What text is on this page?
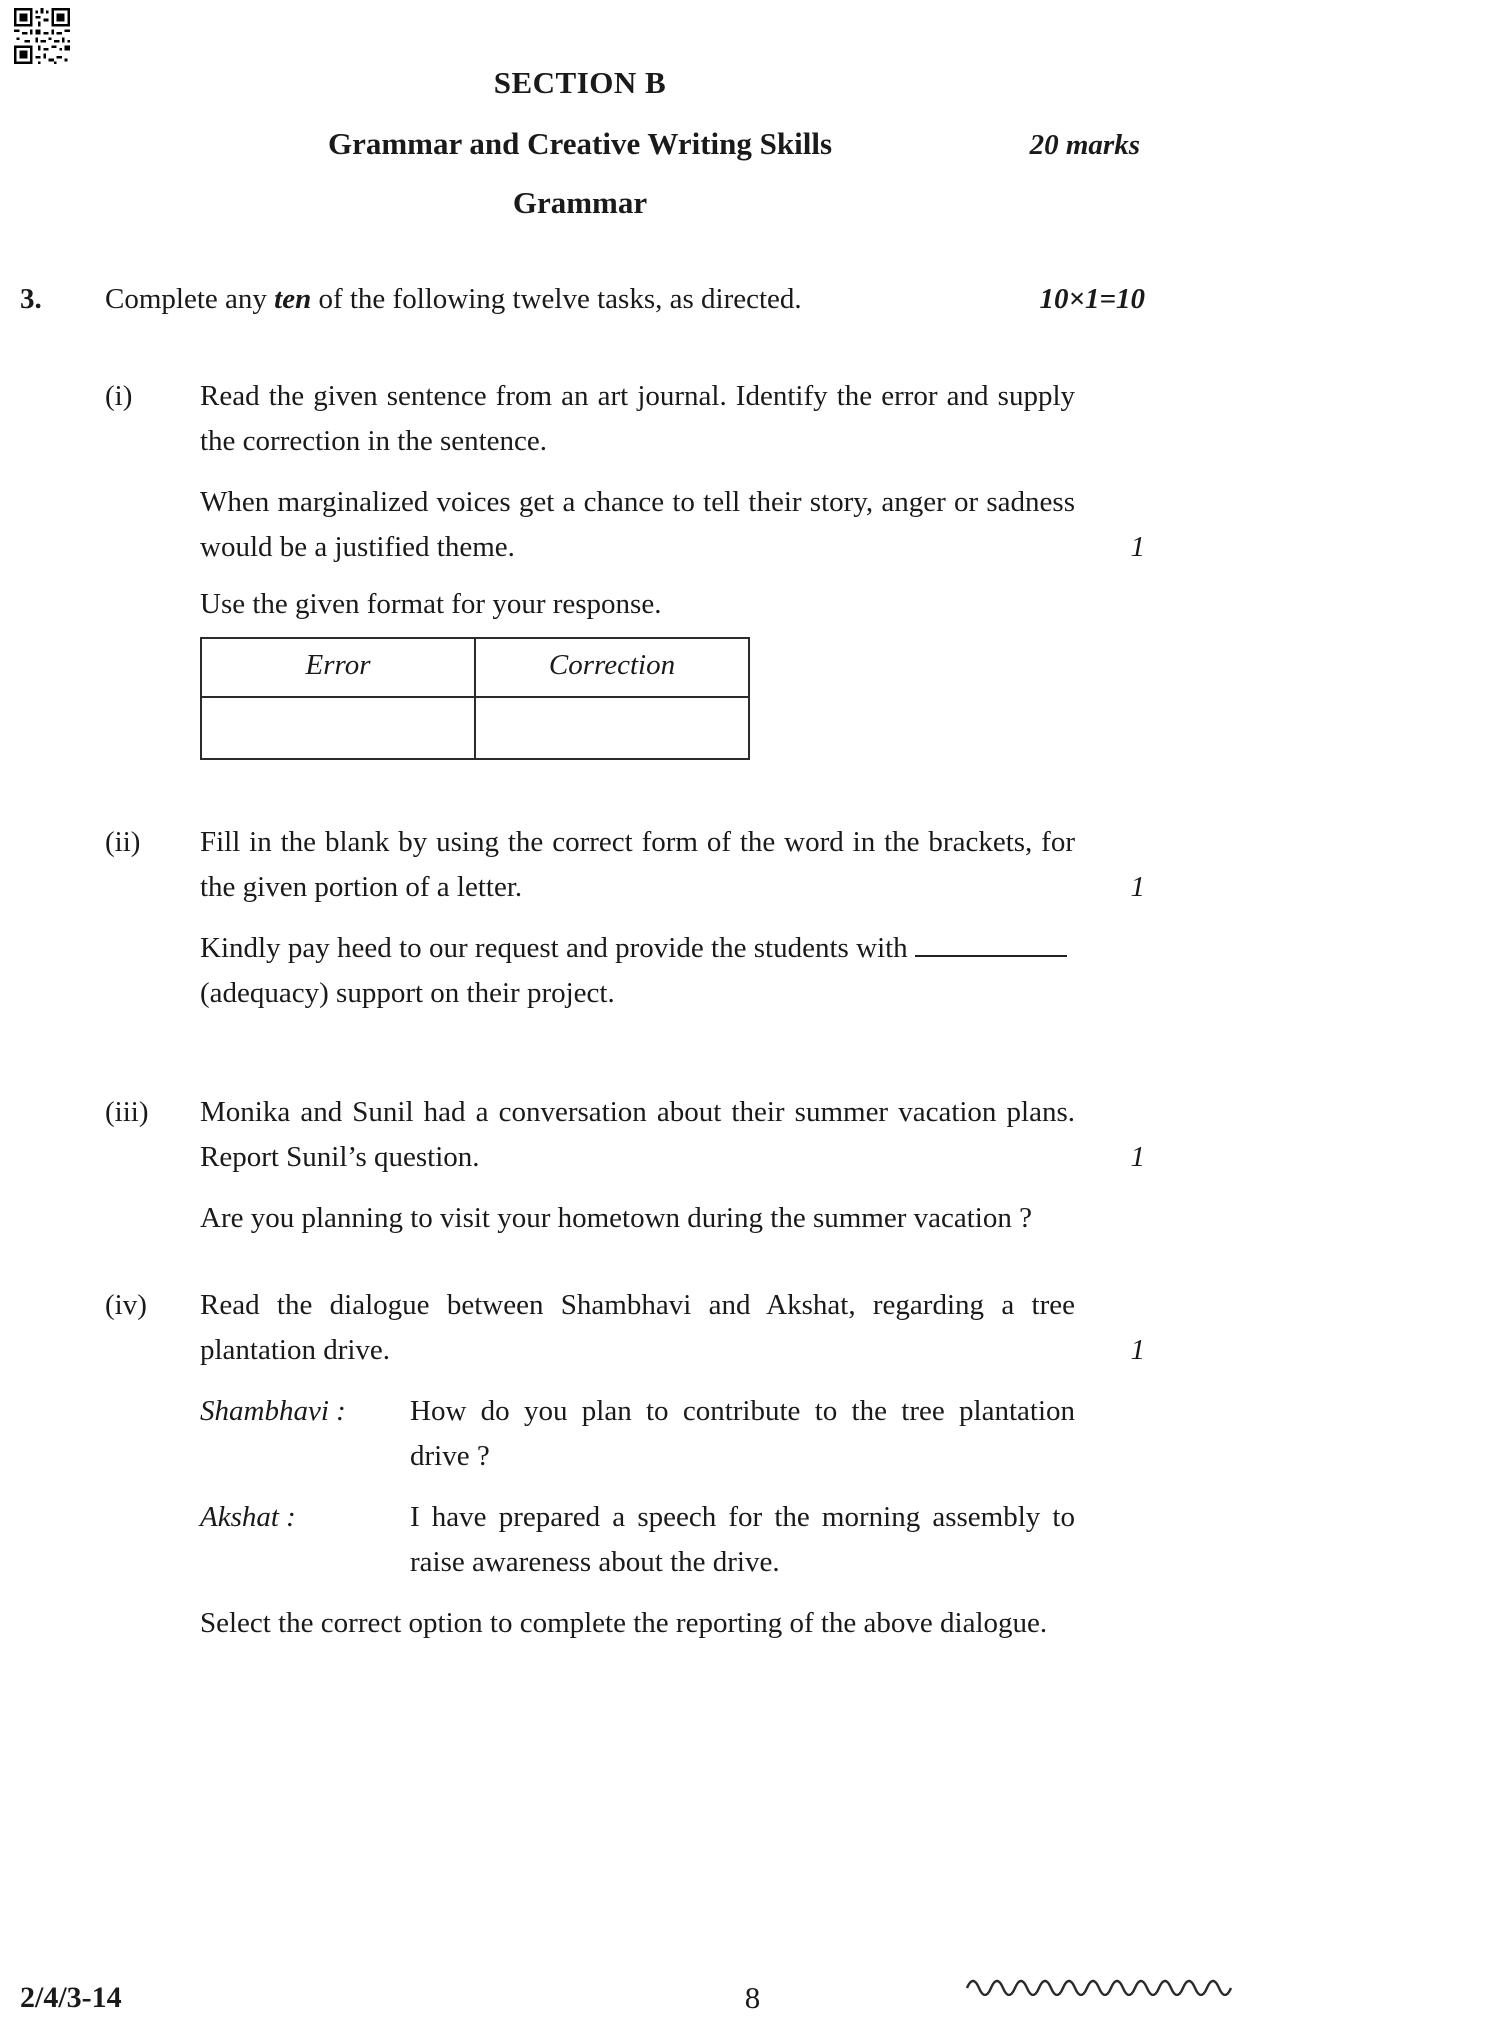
SECTION B
Grammar and Creative Writing Skills	20 marks
Grammar
3.	Complete any ten of the following twelve tasks, as directed.	10×1=10
(i)	Read the given sentence from an art journal. Identify the error and supply the correction in the sentence.
When marginalized voices get a chance to tell their story, anger or sadness would be a justified theme.	1
Use the given format for your response.
Error	Correction

(ii)	Fill in the blank by using the correct form of the word in the brackets, for the given portion of a letter.	1
Kindly pay heed to our request and provide the students with (adequacy) support on their project.
(iii)	Monika and Sunil had a conversation about their summer vacation plans. Report Sunil’s question.	1
Are you planning to visit your hometown during the summer vacation ?
(iv)	Read the dialogue between Shambhavi and Akshat, regarding a tree plantation drive.	1
Shambhavi :	How do you plan to contribute to the tree plantation drive ?
Akshat :	I have prepared a speech for the morning assembly to raise awareness about the drive.
Select the correct option to complete the reporting of the above dialogue.
2/4/3-14	8
